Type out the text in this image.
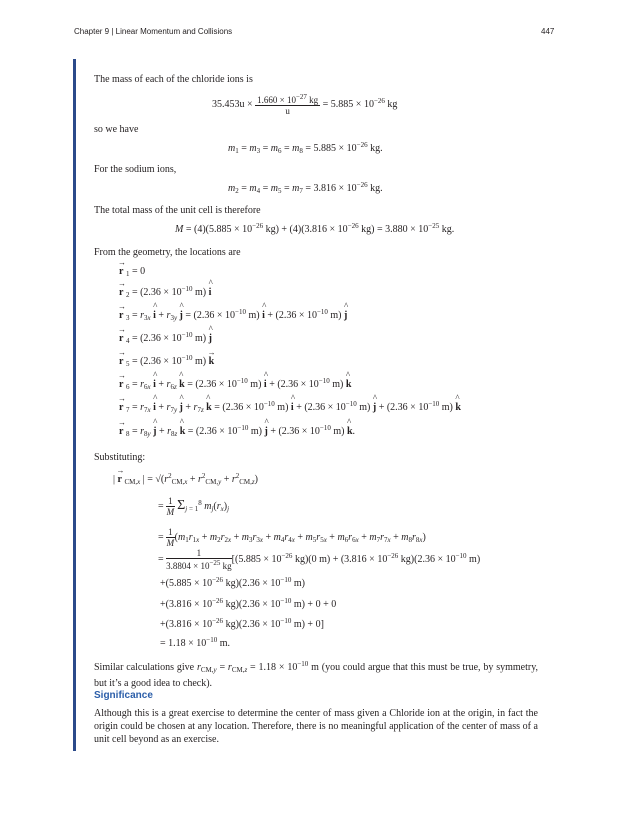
Chapter 9 | Linear Momentum and Collisions	447
The mass of each of the chloride ions is
$35.453u \times \frac{1.660 \times 10^{-27} kg}{u} = 5.885 \times 10^{-26}$ kg
so we have
$m_1 = m_3 = m_6 = m_8 = 5.885 \times 10^{-26}$ kg.
For the sodium ions,
$m_2 = m_4 = m_5 = m_7 = 3.816 \times 10^{-26}$ kg.
The total mass of the unit cell is therefore
$M = (4)(5.885 \times 10^{-26}$ $kg) + (4)(3.816 \times 10^{-26}$ $kg) = 3.880 \times 10^{-25}$ kg.
From the geometry, the locations are
→ r $_1$ = 0
→ r $_2 = (2.36 \times 10^{-10}$ m) ^ i
→ r $_3 = r_{3x}$ ^ $i + r_{3y}$ ^ $j = (2.36 \times 10^{-10}$ m) ^ $i + (2.36 \times 10^{-10}$ m) ^ j
→ r $_4 = (2.36 \times 10^{-10}$ m) ^ j
→ r $_5 = (2.36 \times 10^{-10}$ m) → k
→ r $_6 = r_{6x}$ ^ $i + r_{6z}$ ^ $k = (2.36 \times 10^{-10}$ m) ^ $i + (2.36 \times 10^{-10}$ m) ^ k
→ r $_7 = r_{7x}$ ^ $i + r_{7y}$ ^ $j + r_{7z}$ ^ $k = (2.36 \times 10^{-10}$ m) ^ $i + (2.36 \times 10^{-10}$ m) ^ $j + (2.36 \times 10^{-10}$ m) ^ k
→ r $_8 = r_{8y}$ ^ $j + r_{8z}$ ^ $k = (2.36 \times 10^{-10}$ m) ^ $j + (2.36 \times 10^{-10}$ m) ^ k.
Substituting:
| → r $_{CM,x}$ | = $√(r^2_{CM,x} + r^2_{CM,y} + r^2_{CM,z})$
= $\frac{1}{M} \Sigma_{j = 1}^8$ $m_j(r_x)_j$
= $\frac{1}{M} (m_1r_{1x} + m_2r_{2x} + m_3r_{3x} + m_4r_{4x} + m_5r_{5x} + m_6r_{6x} + m_7r_{7x} + m_8r_{8x})$
= $\frac{1}{3.8804 \times 10^{-25} kg} [(5.885 \times 10^{-26}$ kg)(0 $m) + (3.816 \times 10^{-26}$ $kg)(2.36 \times 10^{-10}$ m)
$+(5.885 \times 10^{-26}$ $kg)(2.36 \times 10^{-10}$ m)
$+(3.816 \times 10^{-26}$ $kg)(2.36 \times 10^{-10}$ m) + 0 + 0
$+(3.816 \times 10^{-26}$ $kg)(2.36 \times 10^{-10}$ m) + 0]
= $1.18 \times 10^{-10}$ m.
Similar calculations give $r_{CM,y} = r_{CM,z} = 1.18 \times 10^{-10}$ m (you could argue that this must be true, by symmetry, but it’s a good idea to check).
Significance
Although this is a great exercise to determine the center of mass given a Chloride ion at the origin, in fact the origin could be chosen at any location. Therefore, there is no meaningful application of the center of mass of a unit cell beyond as an exercise.
